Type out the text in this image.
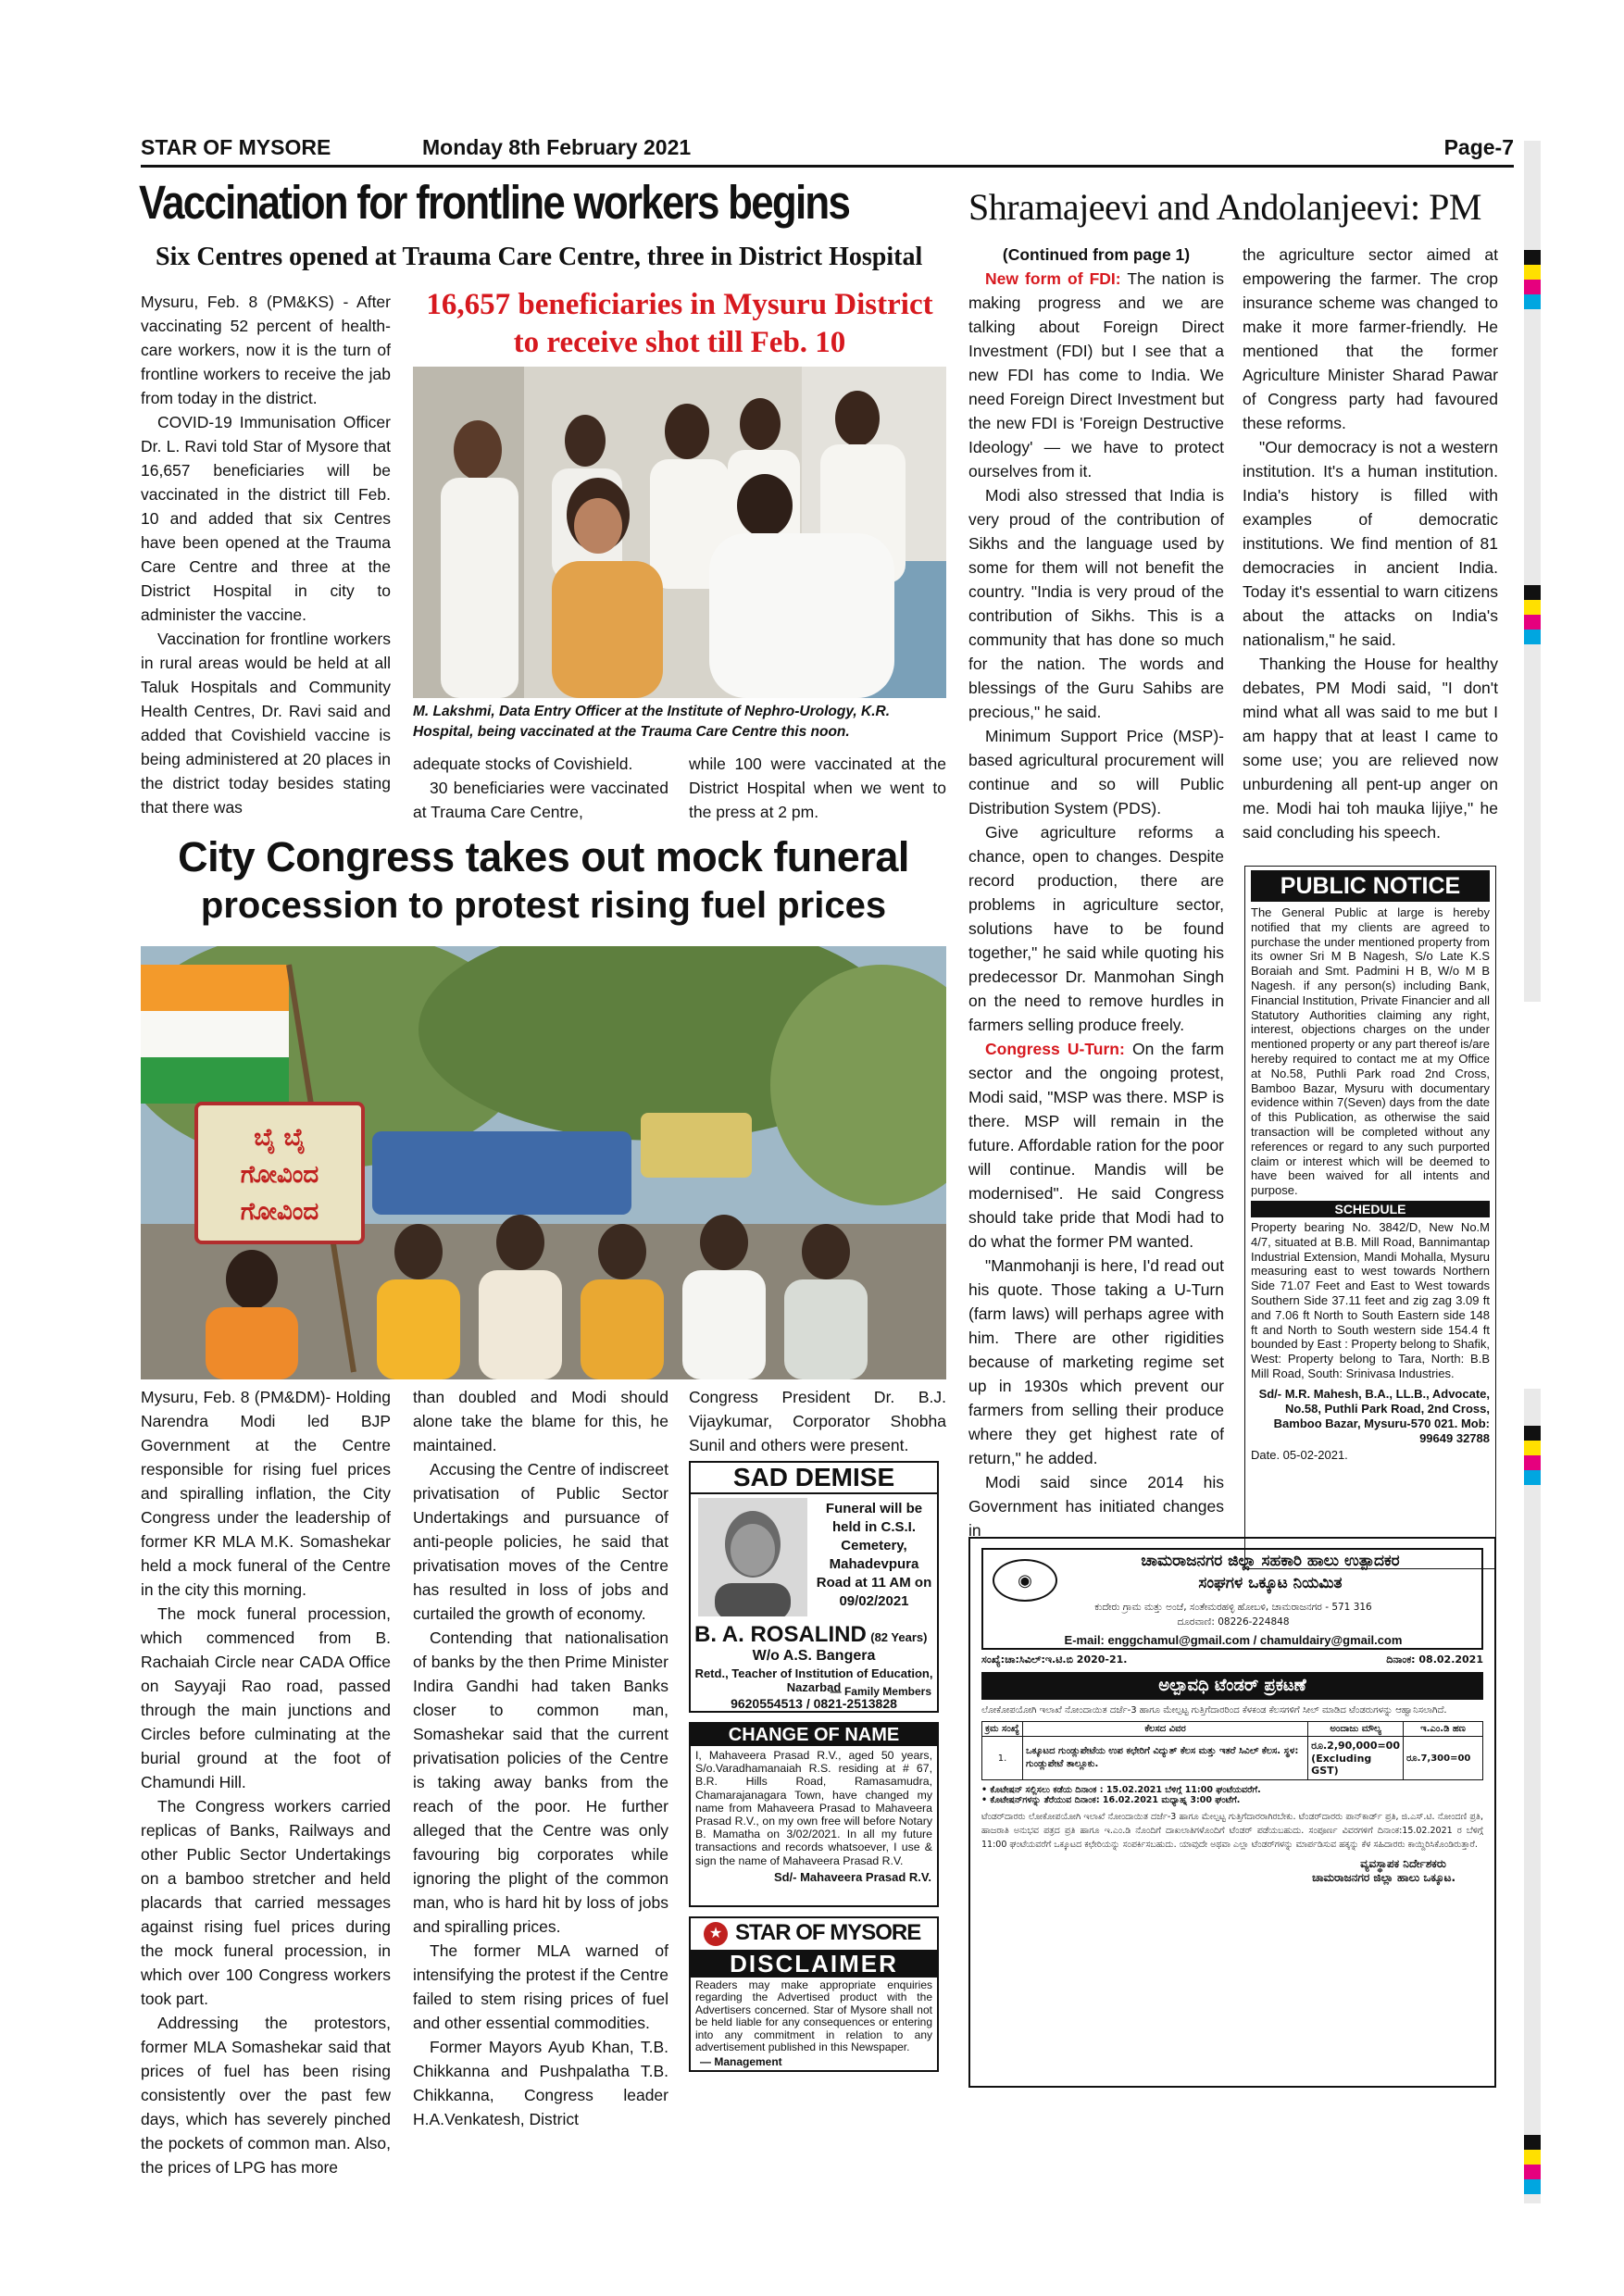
STAR OF MYSORE	Monday 8th February 2021	Page-7
Vaccination for frontline workers begins
Six Centres opened at Trauma Care Centre, three in District Hospital

Mysuru, Feb. 8 (PM&KS) - After vaccinating 52 percent of health-care workers, now it is the turn of frontline workers to receive the jab from today in the district.

COVID-19 Immunisation Officer Dr. L. Ravi told Star of Mysore that 16,657 beneficiaries will be vaccinated in the district till Feb. 10 and added that six Centres have been opened at the Trauma Care Centre and three at the District Hospital in city to administer the vaccine.

Vaccination for frontline workers in rural areas would be held at all Taluk Hospitals and Community Health Centres, Dr. Ravi said and added that Covishield vaccine is being administered at 20 places in the district today besides stating that there was

16,657 beneficiaries in Mysuru District to receive shot till Feb. 10
M. Lakshmi, Data Entry Officer at the Institute of Nephro-Urology, K.R. Hospital, being vaccinated at the Trauma Care Centre this noon.

adequate stocks of Covishield.

30 beneficiaries were vaccinated at Trauma Care Centre,

while 100 were vaccinated at the District Hospital when we went to the press at 2 pm.

Shramajeevi and Andolanjeevi: PM

(Continued from page 1)

New form of FDI: The nation is making progress and we are talking about Foreign Direct Investment (FDI) but I see that a new FDI has come to India. We need Foreign Direct Investment but the new FDI is 'Foreign Destructive Ideology' — we have to protect ourselves from it.

Modi also stressed that India is very proud of the contribution of Sikhs and the language used by some for them will not benefit the country. "India is very proud of the contribution of Sikhs. This is a community that has done so much for the nation. The words and blessings of the Guru Sahibs are precious," he said.

Minimum Support Price (MSP)-based agricultural procurement will continue and so will Public Distribution System (PDS).

Give agriculture reforms a chance, open to changes. Despite record production, there are problems in agriculture sector, solutions have to be found together," he said while quoting his predecessor Dr. Manmohan Singh on the need to remove hurdles in farmers selling produce freely.

Congress U-Turn: On the farm sector and the ongoing protest, Modi said, "MSP was there. MSP is there. MSP will remain in the future. Affordable ration for the poor will continue. Mandis will be modernised". He said Congress should take pride that Modi had to do what the former PM wanted.

"Manmohanji is here, I'd read out his quote. Those taking a U-Turn (farm laws) will perhaps agree with him. There are other rigidities because of marketing regime set up in 1930s which prevent our farmers from selling their produce where they get highest rate of return," he added.

Modi said since 2014 his Government has initiated changes in

the agriculture sector aimed at empowering the farmer. The crop insurance scheme was changed to make it more farmer-friendly. He mentioned that the former Agriculture Minister Sharad Pawar of Congress party had favoured these reforms.

"Our democracy is not a western institution. It's a human institution. India's history is filled with examples of democratic institutions. We find mention of 81 democracies in ancient India. Today it's essential to warn citizens about the attacks on India's nationalism," he said.

Thanking the House for healthy debates, PM Modi said, "I don't mind what all was said to me but I am happy that at least I came to some use; you are relieved now unburdening all pent-up anger on me. Modi hai toh mauka lijiye," he said concluding his speech.

PUBLIC NOTICE
The General Public at large is hereby notified that my clients are agreed to purchase the under mentioned property from its owner Sri M B Nagesh, S/o Late K.S Boraiah and Smt. Padmini H B, W/o M B Nagesh. if any person(s) including Bank, Financial Institution, Private Financier and all Statutory Authorities claiming any right, interest, objections charges on the under mentioned property or any part thereof is/are hereby required to contact me at my Office at No.58, Puthli Park road 2nd Cross, Bamboo Bazar, Mysuru with documentary evidence within 7(Seven) days from the date of this Publication, as otherwise the said transaction will be completed without any references or regard to any such purported claim or interest which will be deemed to have been waived for all intents and purpose.
SCHEDULE
Property bearing No. 3842/D, New No.M 4/7, situated at B.B. Mill Road, Bannimantap Industrial Extension, Mandi Mohalla, Mysuru measuring east to west towards Northern Side 71.07 Feet and East to West towards Southern Side 37.11 feet and zig zag 3.09 ft and 7.06 ft North to South Eastern side 148 ft and North to South western side 154.4 ft bounded by East : Property belong to Shafik, West: Property belong to Tara, North: B.B Mill Road, South: Srinivasa Industries.
Sd/- M.R. Mahesh, B.A., LL.B., Advocate, No.58, Puthli Park Road, 2nd Cross, Bamboo Bazar, Mysuru-570 021. Mob: 99649 32788
Date. 05-02-2021.
City Congress takes out mock funeral
procession to protest rising fuel prices
ಬೈ ಬೈ
ಗೋವಿಂದ
ಗೋವಿಂದ

Mysuru, Feb. 8 (PM&DM)- Holding Narendra Modi led BJP Government at the Centre responsible for rising fuel prices and spiralling inflation, the City Congress under the leadership of former KR MLA M.K. Somashekar held a mock funeral of the Centre in the city this morning.

The mock funeral procession, which commenced from B. Rachaiah Circle near CADA Office on Sayyaji Rao road, passed through the main junctions and Circles before culminating at the burial ground at the foot of Chamundi Hill.

The Congress workers carried replicas of Banks, Railways and other Public Sector Undertakings on a bamboo stretcher and held placards that carried messages against rising fuel prices during the mock funeral procession, in which over 100 Congress workers took part.

Addressing the protestors, former MLA Somashekar said that prices of fuel has been rising consistently over the past few days, which has severely pinched the pockets of common man. Also, the prices of LPG has more

than doubled and Modi should alone take the blame for this, he maintained.

Accusing the Centre of indiscreet privatisation of Public Sector Undertakings and pursuance of anti-people policies, he said that privatisation moves of the Centre has resulted in loss of jobs and curtailed the growth of economy.

Contending that nationalisation of banks by the then Prime Minister Indira Gandhi had taken Banks closer to common man, Somashekar said that the current privatisation policies of the Centre is taking away banks from the reach of the poor. He further alleged that the Centre was only favouring big corporates while ignoring the plight of the common man, who is hard hit by loss of jobs and spiralling prices.

The former MLA warned of intensifying the protest if the Centre failed to stem rising prices of fuel and other essential commodities.

Former Mayors Ayub Khan, T.B. Chikkanna and Pushpalatha T.B. Chikkanna, Congress leader H.A.Venkatesh, District

Congress President Dr. B.J. Vijaykumar, Corporator Shobha Sunil and others were present.

SAD DEMISE
Funeral will be held in C.S.I. Cemetery, Mahadevpura Road at 11 AM on 09/02/2021
B. A. ROSALIND (82 Years)
W/o A.S. Bangera
Retd., Teacher of Institution of Education, Nazarbad
— Family Members
9620554513 / 0821-2513828
CHANGE OF NAME
I, Mahaveera Prasad R.V., aged 50 years, S/o.Varadhamanaiah R.S. residing at # 67, B.R. Hills Road, Ramasamudra, Chamarajanagara Town, have changed my name from Mahaveera Prasad to Mahaveera Prasad R.V., on my own free will before Notary B. Mamatha on 3/02/2021. In all my future transactions and records whatsoever, I use & sign the name of Mahaveera Prasad R.V.
Sd/- Mahaveera Prasad R.V.
★ STAR OF MYSORE
DISCLAIMER
Readers may make appropriate enquiries regarding the Advertised product with the Advertisers concerned. Star of Mysore shall not be held liable for any consequences or entering into any commitment in relation to any advertisement published in this Newspaper.
— Management
◉
ಚಾಮರಾಜನಗರ ಜಿಲ್ಲಾ ಸಹಕಾರಿ ಹಾಲು ಉತ್ಪಾದಕರ
ಸಂಘಗಳ ಒಕ್ಕೂಟ ನಿಯಮಿತ
ಕುದೇರು ಗ್ರಾಮ ಮತ್ತು ಅಂಚೆ, ಸಂತೇಮರಹಳ್ಳಿ ಹೋಬಳಿ, ಚಾಮರಾಜನಗರ - 571 316
ದೂರವಾಣಿ: 08226-224848
E-mail: enggchamul@gmail.com / chamuldairy@gmail.com
ಸಂಖ್ಯೆ:ಚಾ:ಸಿವಿಲ್:ಇ.ಟಿ.ಬಿ 2020-21.	ದಿನಾಂಕ: 08.02.2021
ಅಲ್ಪಾವಧಿ ಟೆಂಡರ್ ಪ್ರಕಟಣೆ
ಲೋಕೋಪಯೋಗಿ ಇಲಾಖೆ ನೋಂದಾಯಿತ ದರ್ಜೆ-3 ಹಾಗೂ ಮೇಲ್ಪಟ್ಟ ಗುತ್ತಿಗೆದಾರರಿಂದ ಕೆಳಕಂಡ ಕೆಲಸಗಳಿಗೆ ಸೀಲ್ ಮಾಡಿದ ಟೆಂಡರುಗಳನ್ನು ಆಹ್ವಾನಿಸಲಾಗಿದೆ.
ಕ್ರಮ ಸಂಖ್ಯೆ	ಕೆಲಸದ ವಿವರ	ಅಂದಾಜು ಮೌಲ್ಯ	ಇ.ಎಂ.ಡಿ ಹಣ
1.	ಒಕ್ಕೂಟದ ಗುಂಡ್ಲುಪೇಟೆಯ ಉಪ ಕಛೇರಿಗೆ ವಿದ್ಯುತ್ ಕೆಲಸ ಮತ್ತು ಇತರೆ ಸಿವಿಲ್ ಕೆಲಸ. ಸ್ಥಳ: ಗುಂಡ್ಲುಪೇಟೆ ತಾಲ್ಲೂಕು.	ರೂ.2,90,000=00 (Excluding GST)	ರೂ.7,300=00
• ಕೊಟೇಷನ್ ಸಲ್ಲಿಸಲು ಕಡೆಯ ದಿನಾಂಕ : 15.02.2021 ಬೆಳಿಗ್ಗೆ 11:00 ಘಂಟೆಯವರೆಗೆ.
• ಕೊಟೇಷನ್‌ಗಳನ್ನು ತೆರೆಯುವ ದಿನಾಂಕ: 16.02.2021 ಮಧ್ಯಾಹ್ನ 3:00 ಘಂಟೆಗೆ.
ಟೆಂಡರ್‌ದಾರರು ಲೋಕೋಪಯೋಗಿ ಇಲಾಖೆ ನೋಂದಾಯಿತ ದರ್ಜೆ-3 ಹಾಗೂ ಮೇಲ್ಪಟ್ಟ ಗುತ್ತಿಗೆದಾರರಾಗಿರಬೇಕು. ಟೆಂಡರ್‌ದಾರರು ಪಾನ್‌ಕಾರ್ಡ್ ಪ್ರತಿ, ಜಿ.ಎಸ್.ಟಿ. ನೋಂದಣಿ ಪ್ರತಿ, ಹಾಜರಾತಿ ಅನುಭವ ಪತ್ರದ ಪ್ರತಿ ಹಾಗೂ ಇ.ಎಂ.ಡಿ ನೊಂದಿಗೆ ದಾಖಲಾತಿಗಳೊಂದಿಗೆ ಟೆಂಡರ್ ಪಡೆಯಬಹುದು. ಸಂಪೂರ್ಣ ವಿವರಗಳಿಗೆ ದಿನಾಂಕ:15.02.2021 ರ ಬೆಳಿಗ್ಗೆ 11:00 ಘಂಟೆಯವರೆಗೆ ಒಕ್ಕೂಟದ ಕಛೇರಿಯನ್ನು ಸಂಪರ್ಕಿಸಬಹುದು. ಯಾವುದೇ ಅಥವಾ ಎಲ್ಲಾ ಟೆಂಡರ್‌ಗಳನ್ನು ಮಾರ್ಪಡಿಸುವ ಹಕ್ಕನ್ನು ಕೆಳ ಸಹಿದಾರರು ಕಾಯ್ದಿರಿಸಿಕೊಂಡಿರುತ್ತಾರೆ.
ವ್ಯವಸ್ಥಾಪಕ ನಿರ್ದೇಶಕರು
ಚಾಮರಾಜನಗರ ಜಿಲ್ಲಾ ಹಾಲು ಒಕ್ಕೂಟ.
